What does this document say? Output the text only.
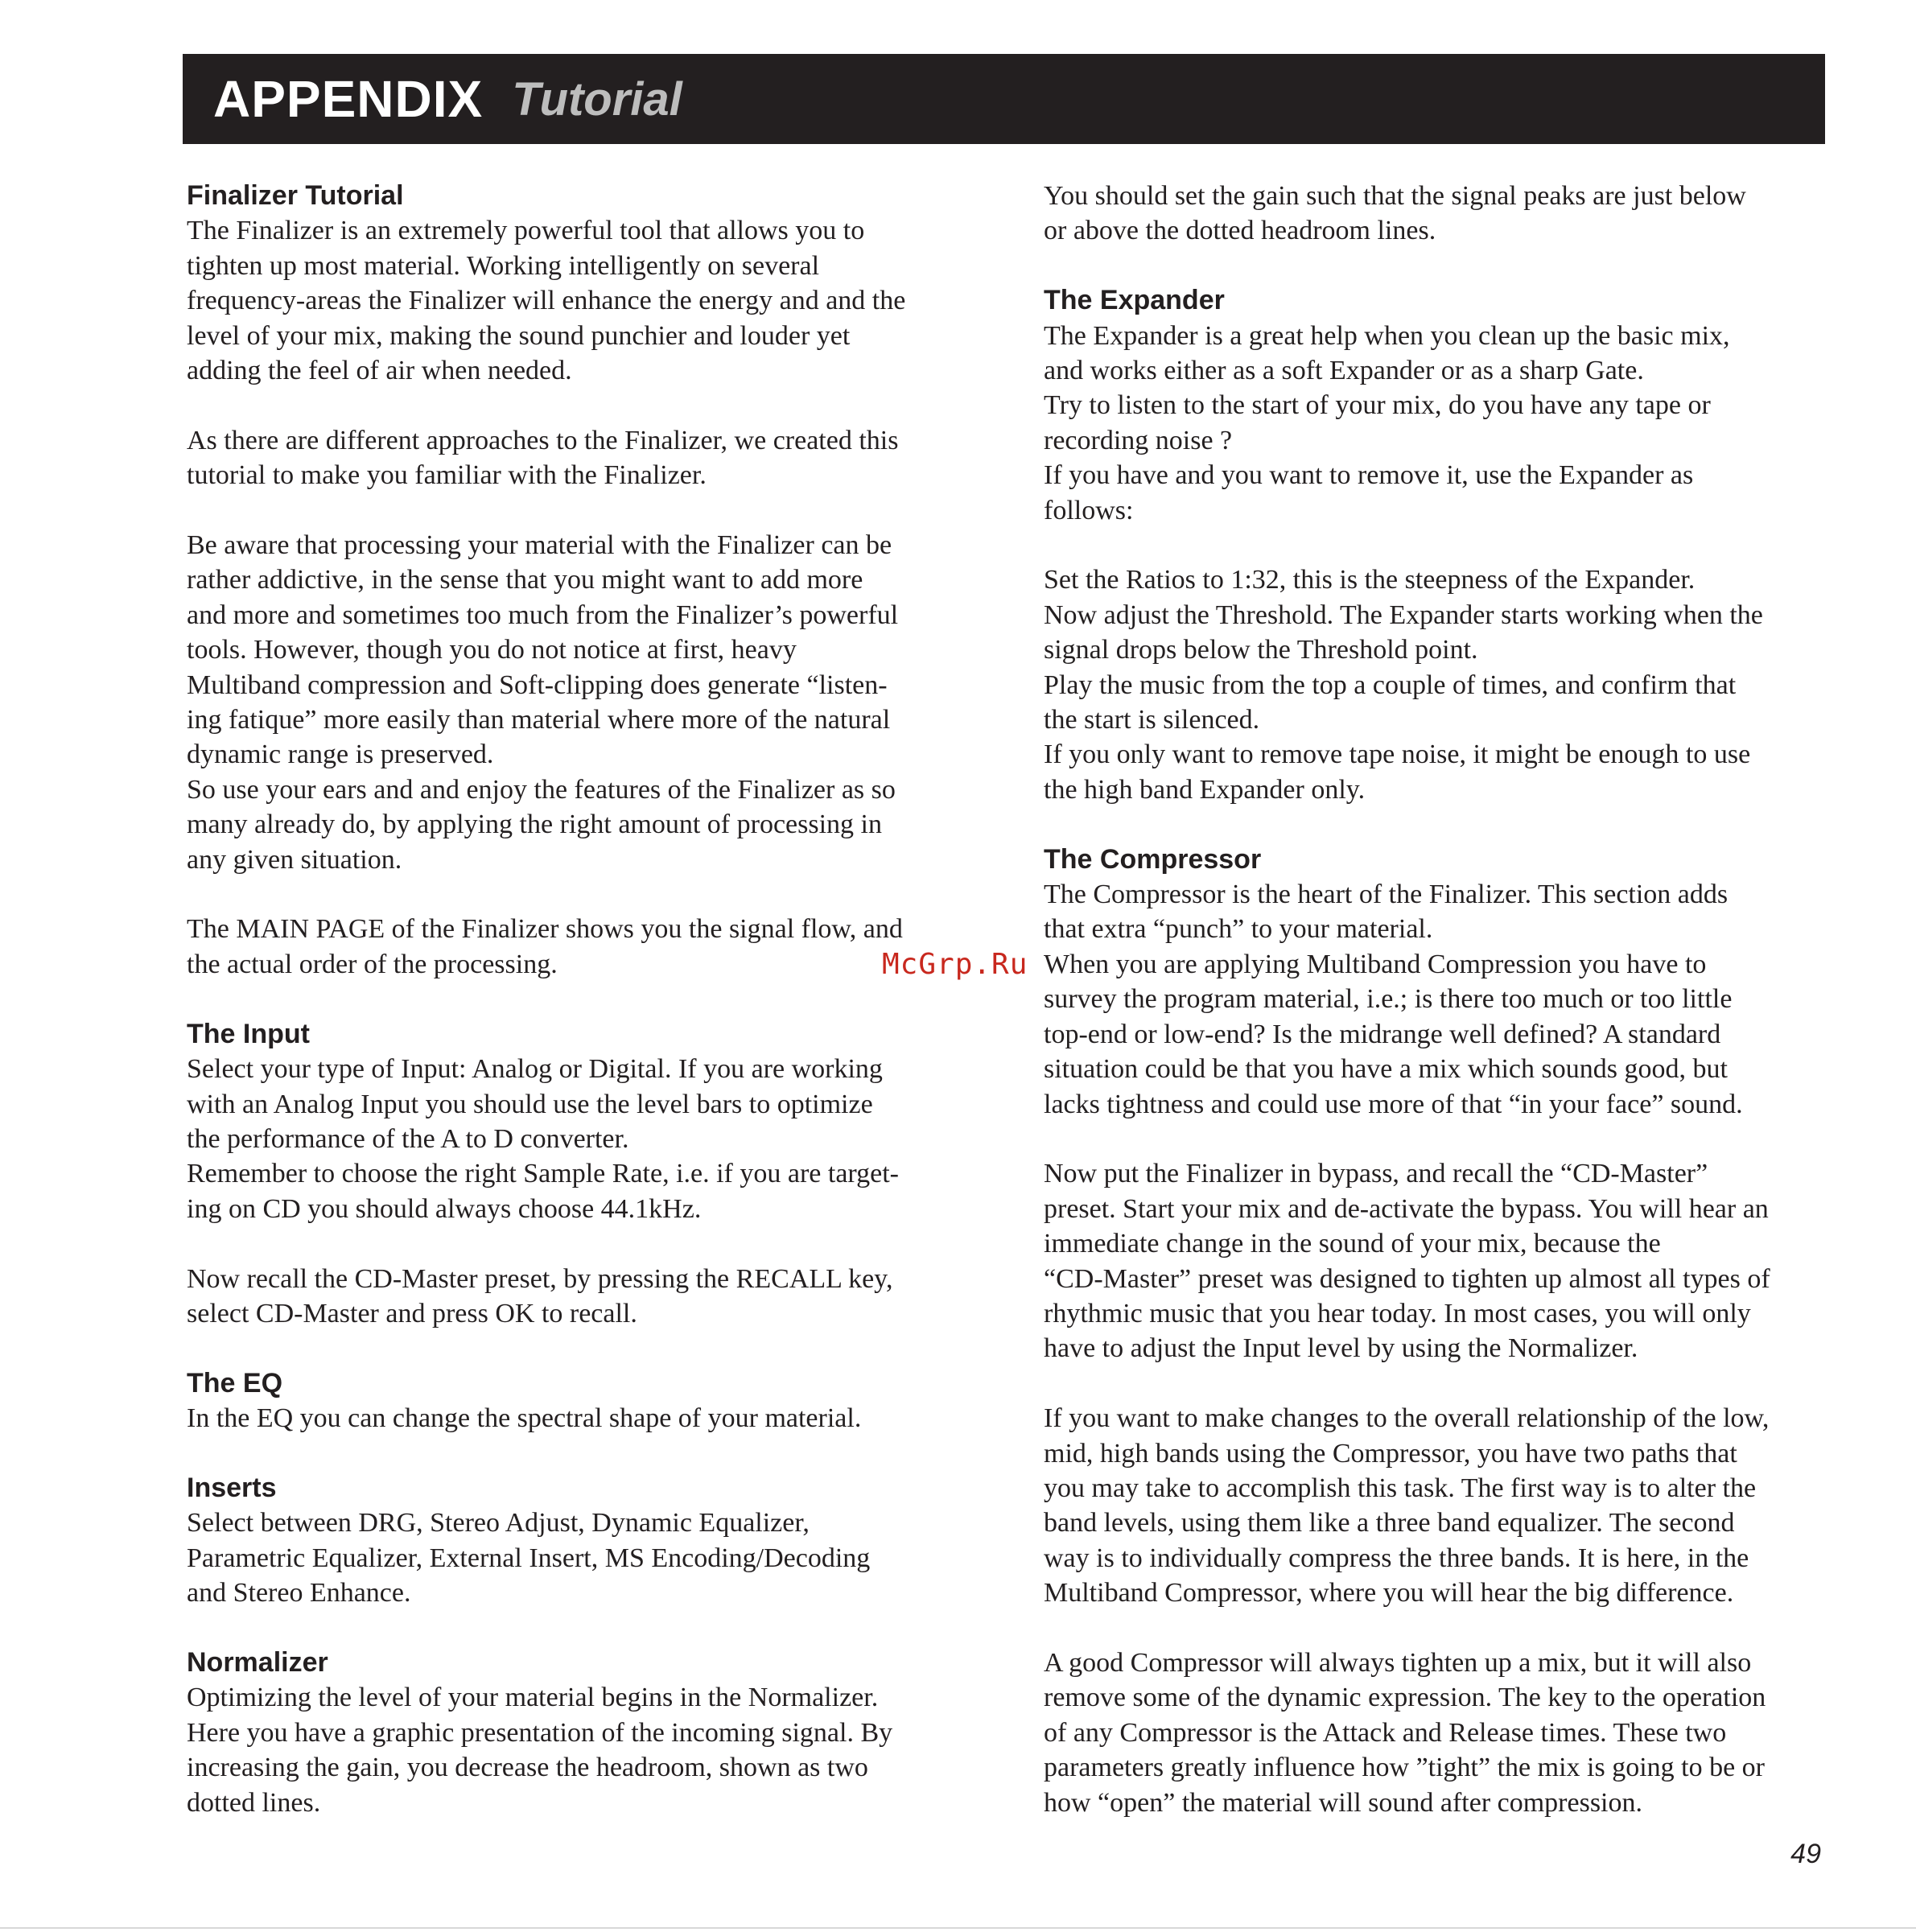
APPENDIX Tutorial
Finalizer Tutorial
The Finalizer is an extremely powerful tool that allows you to
tighten up most material. Working intelligently on several
frequency-areas the Finalizer will enhance the energy and and the
level of your mix, making the sound punchier and louder yet
adding the feel of air when needed.
As there are different approaches to the Finalizer, we created this
tutorial to make you familiar with the Finalizer.
Be aware that processing your material with the Finalizer can be
rather addictive, in the sense that you might want to add more
and more and sometimes too much from the Finalizer’s powerful
tools. However, though you do not notice at first, heavy
Multiband compression and Soft-clipping does generate “listen-
ing fatique” more easily than material where more of the natural
dynamic range is preserved.
So use your ears and and enjoy the features of the Finalizer as so
many already do, by applying the right amount of processing in
any given situation.
The MAIN PAGE of the Finalizer shows you the signal flow, and
the actual order of the processing.
The Input
Select your type of Input: Analog or Digital. If you are working
with an Analog Input you should use the level bars to optimize
the performance of the A to D converter.
Remember to choose the right Sample Rate, i.e. if you are target-
ing on CD you should always choose 44.1kHz.
Now recall the CD-Master preset, by pressing the RECALL key,
select CD-Master and press OK to recall.
The EQ
In the EQ you can change the spectral shape of your material.
Inserts
Select between DRG, Stereo Adjust, Dynamic Equalizer,
Parametric Equalizer, External Insert, MS Encoding/Decoding
and Stereo Enhance.
Normalizer
Optimizing the level of your material begins in the Normalizer.
Here you have a graphic presentation of the incoming signal. By
increasing the gain, you decrease the headroom, shown as two
dotted lines.
You should set the gain such that the signal peaks are just below
or above the dotted headroom lines.
The Expander
The Expander is a great help when you clean up the basic mix,
and works either as a soft Expander or as a sharp Gate.
Try to listen to the start of your mix, do you have any tape or
recording noise ?
If you have and you want to remove it, use the Expander as
follows:
Set the Ratios to 1:32, this is the steepness of the Expander.
Now adjust the Threshold. The Expander starts working when the
signal drops below the Threshold point.
Play the music from the top a couple of times, and confirm that
the start is silenced.
If you only want to remove tape noise, it might be enough to use
the high band Expander only.
The Compressor
The Compressor is the heart of the Finalizer. This section adds
that extra “punch” to your material.
When you are applying Multiband Compression you have to
survey the program material, i.e.; is there too much or too little
top-end or low-end? Is the midrange well defined? A standard
situation could be that you have a mix which sounds good, but
lacks tightness and could use more of that “in your face” sound.
Now put the Finalizer in bypass, and recall the “CD-Master”
preset. Start your mix and de-activate the bypass. You will hear an
immediate change in the sound of your mix, because the
“CD-Master” preset was designed to tighten up almost all types of
rhythmic music that you hear today. In most cases, you will only
have to adjust the Input level by using the Normalizer.
If you want to make changes to the overall relationship of the low,
mid, high bands using the Compressor, you have two paths that
you may take to accomplish this task. The first way is to alter the
band levels, using them like a three band equalizer. The second
way is to individually compress the three bands. It is here, in the
Multiband Compressor, where you will hear the big difference.
A good Compressor will always tighten up a mix, but it will also
remove some of the dynamic expression. The key to the operation
of any Compressor is the Attack and Release times. These two
parameters greatly influence how ”tight” the mix is going to be or
how “open” the material will sound after compression.
McGrp.Ru
49
